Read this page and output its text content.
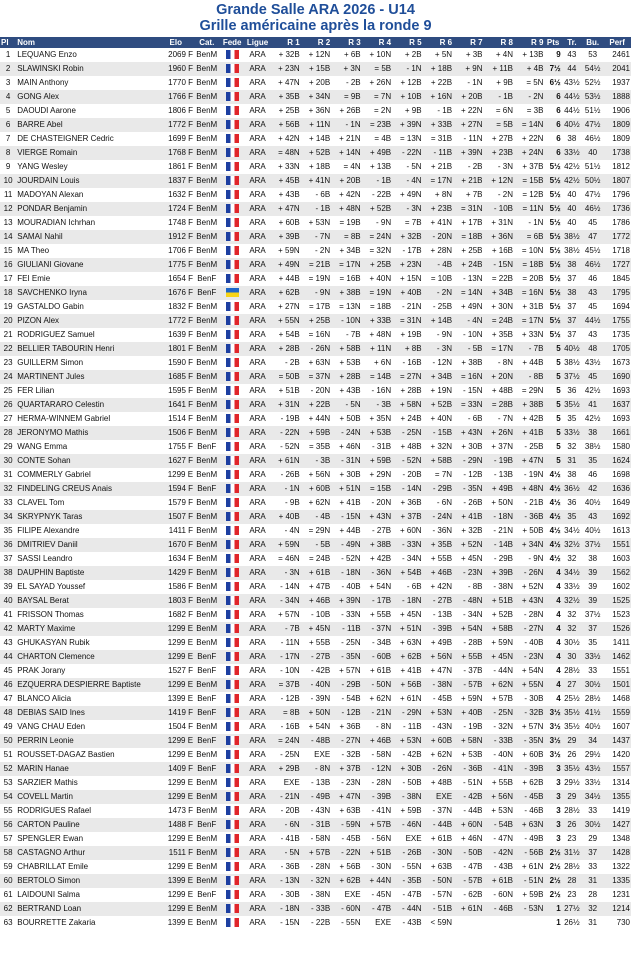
Grande Salle ARA 2026 - U14
Grille américaine après la ronde 9
Pl	Nom	Elo	Cat.	Fede	Ligue	R 1	R 2	R 3	R 4	R 5	R 6	R 7	R 8	R 9	Pts	Tr.	Bu.	Perf
1	LEQUANG Enzo	2069 F	BenM		ARA	+ 32B	+ 12N	+ 6B	+ 10N	+ 2B	+ 5N	+ 3B	+ 4N	+ 13B	9	43	53	2461
2	SLAWINSKI Robin	1960 F	BenM		ARA	+ 23N	+ 15B	+ 3N	= 5B	- 1N	+ 18B	+ 9N	+ 11B	+ 4B	7½	44	54½	2041
3	MAIN Anthony	1770 F	BenM		ARA	+ 47N	+ 20B	- 2B	+ 26N	+ 12B	+ 22B	- 1N	+ 9B	= 5N	6½	43½	52½	1937
4	GONG Alex	1766 F	BenM		ARA	+ 35B	+ 34N	= 9B	= 7N	+ 10B	+ 16N	+ 20B	- 1B	- 2N	6	44½	53½	1888
5	DAOUDI Aarone	1806 F	BenM		ARA	+ 25B	+ 36N	+ 26B	= 2N	+ 9B	- 1B	+ 22N	= 6N	= 3B	6	44½	51½	1906
6	BARRE Abel	1772 F	BenM		ARA	+ 56B	+ 11N	- 1N	= 23B	+ 39N	+ 33B	+ 27N	= 5B	= 14N	6	40½	47½	1809
7	DE CHASTEIGNER Cedric	1699 F	BenM		ARA	+ 42N	+ 14B	+ 21N	= 4B	= 13N	= 31B	- 11N	+ 27B	+ 22N	6	38	46½	1809
8	VIERGE Romain	1768 F	BenM		ARA	= 48N	+ 52B	+ 14N	+ 49B	- 22N	- 11B	+ 39N	+ 23B	+ 24N	6	33½	40	1738
9	YANG Wesley	1861 F	BenM		ARA	+ 33N	+ 18B	= 4N	+ 13B	- 5N	+ 21B	- 2B	- 3N	+ 37B	5½	42½	51½	1812
10	JOURDAIN Louis	1837 F	BenM		ARA	+ 45B	+ 41N	+ 20B	- 1B	- 4N	= 17N	+ 21B	+ 12N	= 15B	5½	42½	50½	1807
11	MADOYAN Alexan	1632 F	BenM		ARA	+ 43B	- 6B	+ 42N	- 22B	+ 49N	+ 8N	+ 7B	- 2N	= 12B	5½	40	47½	1796
12	PONDAR Benjamin	1724 F	BenM		ARA	+ 47N	- 1B	+ 48N	+ 52B	- 3N	+ 23B	= 31N	- 10B	= 11N	5½	40	46½	1736
13	MOURADIAN Ichrhan	1748 F	BenM		ARA	+ 60B	+ 53N	= 19B	- 9N	= 7B	+ 41N	+ 17B	+ 31N	- 1N	5½	40	45	1786
14	SAMAI Nahil	1912 F	BenM		ARA	+ 39B	- 7N	= 8B	= 24N	+ 32B	- 20N	= 18B	+ 36N	= 6B	5½	38½	47	1772
15	MA Theo	1706 F	BenM		ARA	+ 59N	- 2N	+ 34B	= 32N	- 17B	+ 28N	+ 25B	+ 16B	= 10N	5½	38½	45½	1718
16	GIULIANI Giovane	1775 F	BenM		ARA	+ 49N	= 21B	= 17N	+ 25B	+ 23N	- 4B	+ 24B	- 15N	= 18B	5½	38	46½	1727
17	FEI Emie	1654 F	BenF		ARA	+ 44B	= 19N	= 16B	+ 40N	+ 15N	= 10B	- 13N	= 22B	= 20B	5½	37	46	1845
18	SAVCHENKO Iryna	1676 F	BenF		ARA	+ 62B	- 9N	+ 38B	= 19N	+ 40B	- 2N	= 14N	+ 34B	= 16N	5½	38	43	1795
19	GASTALDO Gabin	1832 F	BenM		ARA	+ 27N	= 17B	= 13N	= 18B	- 21N	- 25B	+ 49N	+ 30N	+ 31B	5½	37	45	1694
20	PIZON Alex	1772 F	BenM		ARA	+ 55N	+ 25B	- 10N	+ 33B	= 31N	+ 14B	- 4N	= 24B	= 17N	5½	37	44½	1755
21	RODRIGUEZ Samuel	1639 F	BenM		ARA	+ 54B	= 16N	- 7B	+ 48N	+ 19B	- 9N	- 10N	+ 35B	+ 33N	5½	37	43	1735
22	BELLIER TABOURIN Henri	1801 F	BenM		ARA	+ 28B	- 26N	+ 58B	+ 11N	+ 8B	- 3N	- 5B	= 17N	- 7B	5	40½	48	1705
23	GUILLERM Simon	1590 F	BenM		ARA	- 2B	+ 63N	+ 53B	+ 6N	- 16B	- 12N	+ 38B	- 8N	+ 44B	5	38½	43½	1673
24	MARTINENT Jules	1685 F	BenM		ARA	= 50B	= 37N	+ 28B	= 14B	= 27N	+ 34B	= 16N	+ 20N	- 8B	5	37½	45	1690
25	FER Lilian	1595 F	BenM		ARA	+ 51B	- 20N	+ 43B	- 16N	+ 28B	+ 19N	- 15N	+ 48B	= 29N	5	36	42½	1693
26	QUARTARARO Celestin	1641 F	BenM		ARA	+ 31N	+ 22B	- 5N	- 3B	+ 58N	+ 52B	= 33N	= 28B	+ 38B	5	35½	41	1637
27	HERMA-WINNEM Gabriel	1514 F	BenM		ARA	- 19B	+ 44N	+ 50B	+ 35N	+ 24B	+ 40N	- 6B	- 7N	+ 42B	5	35	42½	1693
28	JERONYMO Mathis	1506 F	BenM		ARA	- 22N	+ 59B	- 24N	+ 53B	- 25N	- 15B	+ 43N	+ 26N	+ 41B	5	33½	38	1661
29	WANG Emma	1755 F	BenF		ARA	- 52N	= 35B	+ 46N	- 31B	+ 48B	+ 32N	+ 30B	+ 37N	- 25B	5	32	38½	1580
30	CONTE Sohan	1627 F	BenM		ARA	+ 61N	- 3B	- 31N	+ 59B	- 52N	+ 58B	- 29N	- 19B	+ 47N	5	31	35	1624
31	COMMERLY Gabriel	1299 E	BenM		ARA	- 26B	+ 56N	+ 30B	+ 29N	- 20B	= 7N	- 12B	- 13B	- 19N	4½	38	46	1698
32	FINDELING CREUS Anais	1594 F	BenF		ARA	- 1N	+ 60B	+ 51N	= 15B	- 14N	- 29B	- 35N	+ 49B	+ 48N	4½	36½	42	1636
33	CLAVEL Tom	1579 F	BenM		ARA	- 9B	+ 62N	+ 41B	- 20N	+ 36B	- 6N	- 26B	+ 50N	- 21B	4½	36	40½	1649
34	SKRYPNYK Taras	1507 F	BenM		ARA	+ 40B	- 4B	- 15N	+ 43N	+ 37B	- 24N	+ 41B	- 18N	- 36B	4½	35	43	1692
35	FILIPE Alexandre	1411 F	BenM		ARA	- 4N	= 29N	+ 44B	- 27B	+ 60N	- 36N	+ 32B	- 21N	+ 50B	4½	34½	40½	1613
36	DMITRIEV Daniil	1670 F	BenM		ARA	+ 59N	- 5B	- 49N	+ 38B	- 33N	+ 35B	+ 52N	- 14B	+ 34N	4½	32½	37½	1551
37	SASSI Leandro	1634 F	BenM		ARA	= 46N	= 24B	- 52N	+ 42B	- 34N	+ 55B	+ 45N	- 29B	- 9N	4½	32	38	1603
38	DAUPHIN Baptiste	1429 F	BenM		ARA	- 3N	+ 61B	- 18N	- 36N	+ 54B	+ 46B	- 23N	+ 39B	- 26N	4	34½	39	1562
39	EL SAYAD Youssef	1586 F	BenM		ARA	- 14N	+ 47B	- 40B	+ 54N	- 6B	+ 42N	- 8B	- 38N	+ 52N	4	33½	39	1602
40	BAYSAL Berat	1803 F	BenM		ARA	- 34N	+ 46B	+ 39N	- 17B	- 18N	- 27B	- 48N	+ 51B	+ 43N	4	32½	39	1525
41	FRISSON Thomas	1682 F	BenM		ARA	+ 57N	- 10B	- 33N	+ 55B	+ 45N	- 13B	- 34N	+ 52B	- 28N	4	32	37½	1523
42	MARTY Maxime	1299 E	BenM		ARA	- 7B	+ 45N	- 11B	- 37N	+ 51N	- 39B	+ 54N	+ 58B	- 27N	4	32	37	1526
43	GHUKASYAN Rubik	1299 E	BenM		ARA	- 11N	+ 55B	- 25N	- 34B	+ 63N	+ 49B	- 28B	+ 59N	- 40B	4	30½	35	1411
44	CHARTON Clemence	1299 E	BenF		ARA	- 17N	- 27B	- 35N	- 60B	+ 62B	+ 56N	+ 55B	+ 45N	- 23N	4	30	33½	1462
45	PRAK Jorany	1527 F	BenF		ARA	- 10N	- 42B	+ 57N	+ 61B	+ 41B	+ 47N	- 37B	- 44N	+ 54N	4	28½	33	1551
46	EZQUERRA DESPIERRE Baptiste	1299 E	BenM		ARA	= 37B	- 40N	- 29B	- 50N	+ 56B	- 38N	- 57B	+ 62N	+ 55N	4	27	30½	1501
47	BLANCO Alicia	1399 E	BenF		ARA	- 12B	- 39N	- 54B	+ 62N	+ 61N	- 45B	+ 59N	+ 57B	- 30B	4	25½	28½	1468
48	DEBIAS SAID Ines	1419 F	BenF		ARA	= 8B	+ 50N	- 12B	- 21N	- 29N	+ 53N	+ 40B	- 25N	- 32B	3½	35½	41½	1559
49	VANG CHAU Eden	1504 F	BenM		ARA	- 16B	+ 54N	+ 36B	- 8N	- 11B	- 43N	- 19B	- 32N	+ 57N	3½	35½	40½	1607
50	PERRIN Leonie	1299 E	BenF		ARA	= 24N	- 48B	- 27N	+ 46B	+ 53N	+ 60B	+ 58N	- 33B	- 35N	3½	29	34	1437
51	ROUSSET-DAGAZ Bastien	1299 E	BenM		ARA	- 25N	EXE	- 32B	- 58N	- 42B	+ 62N	+ 53B	- 40N	+ 60B	3½	26	29½	1420
52	MARIN Hanae	1409 F	BenF		ARA	+ 29B	- 8N	+ 37B	- 12N	+ 30B	- 26N	- 36B	- 41N	- 39B	3	35½	43½	1557
53	SARZIER Mathis	1299 E	BenM		ARA	EXE	- 13B	- 23N	- 28N	- 50B	+ 48B	- 51N	+ 55B	+ 62B	3	29½	33½	1314
54	COVELL Martin	1299 E	BenM		ARA	- 21N	- 49B	+ 47N	- 39B	- 38N	EXE	- 42B	+ 56N	- 45B	3	29	34½	1355
55	RODRIGUES Rafael	1473 F	BenM		ARA	- 20B	- 43N	+ 63B	- 41N	+ 59B	- 37N	- 44B	+ 53N	- 46B	3	28½	33	1419
56	CARTON Pauline	1488 F	BenF		ARA	- 6N	- 31B	- 59N	+ 57B	- 46N	- 44B	+ 60N	- 54B	+ 63N	3	26	30½	1427
57	SPENGLER Ewan	1299 E	BenM		ARA	- 41B	- 58N	- 45B	- 56N	EXE	+ 61B	+ 46N	- 47N	- 49B	3	23	29	1348
58	CASTAGNO Arthur	1511 F	BenM		ARA	- 5N	+ 57B	- 22N	+ 51B	- 26B	- 30N	- 50B	- 42N	- 56B	2½	31½	37	1428
59	CHABRILLAT Emile	1299 E	BenM		ARA	- 36B	- 28N	+ 56B	- 30N	- 55N	+ 63B	- 47B	- 43B	+ 61N	2½	28½	33	1322
60	BERTOLO Simon	1399 E	BenM		ARA	- 13N	- 32N	+ 62B	+ 44N	- 35B	- 50N	- 57B	+ 61B	- 51N	2½	28	31	1335
61	LAIDOUNI Salma	1299 E	BenF		ARA	- 30B	- 38N	EXE	- 45N	- 47B	- 57N	- 62B	- 60N	+ 59B	2½	23	28	1231
62	BERTRAND Loan	1299 E	BenM		ARA	- 18N	- 33B	- 60N	- 47B	- 44N	- 51B	+ 61N	- 46B	- 53N	1	27½	32	1214
63	BOURRETTE Zakaria	1399 E	BenM		ARA	- 15N	- 22B	- 55N	EXE	- 43B	< 59N				1	26½	31	730
